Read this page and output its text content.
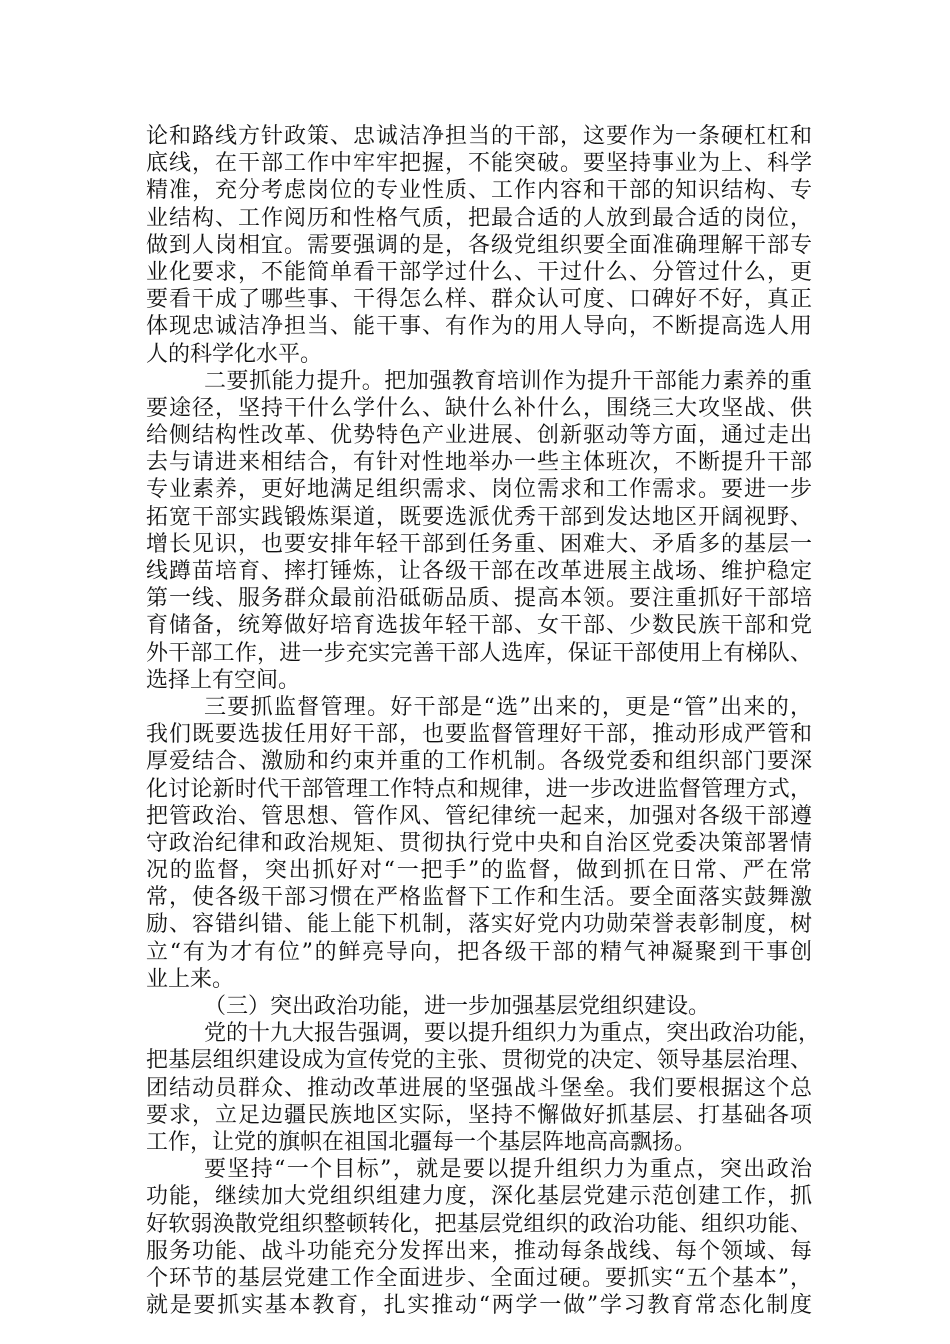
论和路线方针政策、忠诚洁净担当的干部，这要作为一条硬杠杠和
底线，在干部工作中牢牢把握，不能突破。要坚持事业为上、科学
精准，充分考虑岗位的专业性质、工作内容和干部的知识结构、专
业结构、工作阅历和性格气质，把最合适的人放到最合适的岗位，
做到人岗相宜。需要强调的是，各级党组织要全面准确理解干部专
业化要求，不能简单看干部学过什么、干过什么、分管过什么，更
要看干成了哪些事、干得怎么样、群众认可度、口碑好不好，真正
体现忠诚洁净担当、能干事、有作为的用人导向，不断提高选人用
人的科学化水平。
二要抓能力提升。把加强教育培训作为提升干部能力素养的重
要途径，坚持干什么学什么、缺什么补什么，围绕三大攻坚战、供
给侧结构性改革、优势特色产业进展、创新驱动等方面，通过走出
去与请进来相结合，有针对性地举办一些主体班次，不断提升干部
专业素养，更好地满足组织需求、岗位需求和工作需求。要进一步
拓宽干部实践锻炼渠道，既要选派优秀干部到发达地区开阔视野、
增长见识，也要安排年轻干部到任务重、困难大、矛盾多的基层一
线蹲苗培育、摔打锤炼，让各级干部在改革进展主战场、维护稳定
第一线、服务群众最前沿砥砺品质、提高本领。要注重抓好干部培
育储备，统筹做好培育选拔年轻干部、女干部、少数民族干部和党
外干部工作，进一步充实完善干部人选库，保证干部使用上有梯队、
选择上有空间。
三要抓监督管理。好干部是“选”出来的，更是“管”出来的，
我们既要选拔任用好干部，也要监督管理好干部，推动形成严管和
厚爱结合、激励和约束并重的工作机制。各级党委和组织部门要深
化讨论新时代干部管理工作特点和规律，进一步改进监督管理方式，
把管政治、管思想、管作风、管纪律统一起来，加强对各级干部遵
守政治纪律和政治规矩、贯彻执行党中央和自治区党委决策部署情
况的监督，突出抓好对“一把手”的监督，做到抓在日常、严在常
常，使各级干部习惯在严格监督下工作和生活。要全面落实鼓舞激
励、容错纠错、能上能下机制，落实好党内功勋荣誉表彰制度，树
立“有为才有位”的鲜亮导向，把各级干部的精气神凝聚到干事创
业上来。
（三）突出政治功能，进一步加强基层党组织建设。
党的十九大报告强调，要以提升组织力为重点，突出政治功能，
把基层组织建设成为宣传党的主张、贯彻党的决定、领导基层治理、
团结动员群众、推动改革进展的坚强战斗堡垒。我们要根据这个总
要求，立足边疆民族地区实际，坚持不懈做好抓基层、打基础各项
工作，让党的旗帜在祖国北疆每一个基层阵地高高飘扬。
要坚持“一个目标”，就是要以提升组织力为重点，突出政治
功能，继续加大党组织组建力度，深化基层党建示范创建工作，抓
好软弱涣散党组织整顿转化，把基层党组织的政治功能、组织功能、
服务功能、战斗功能充分发挥出来，推动每条战线、每个领域、每
个环节的基层党建工作全面进步、全面过硬。要抓实“五个基本”，
就是要抓实基本教育，扎实推动“两学一做”学习教育常态化制度
